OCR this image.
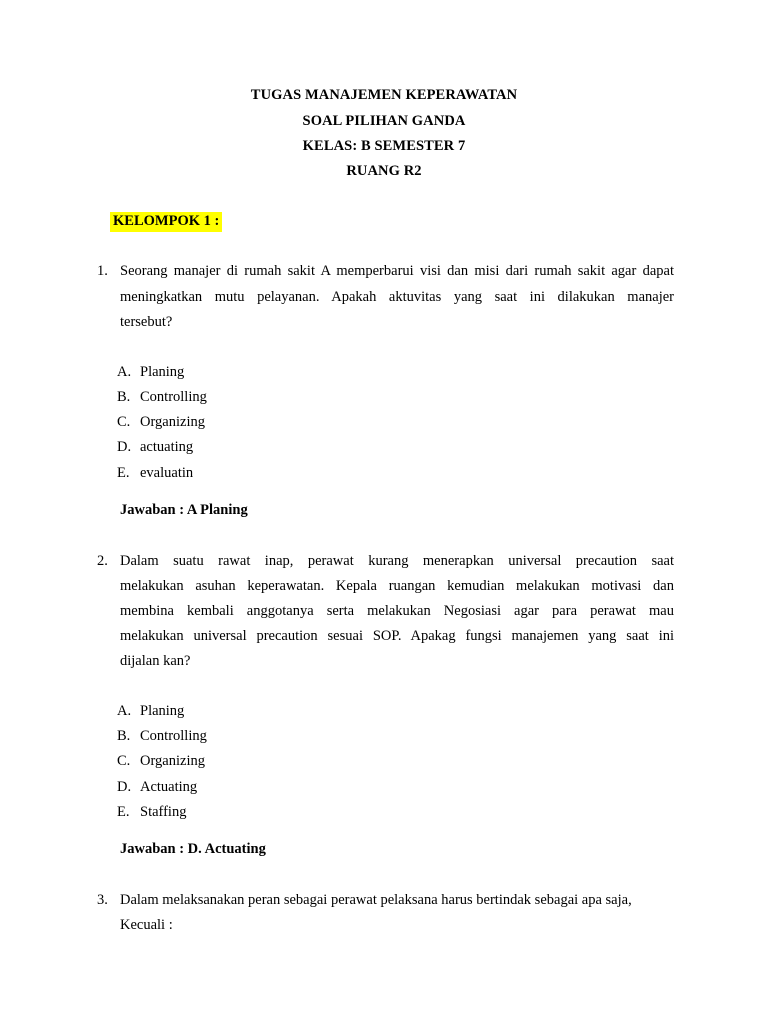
TUGAS MANAJEMEN KEPERAWATAN
SOAL PILIHAN GANDA
KELAS: B SEMESTER 7
RUANG R2
KELOMPOK 1 :
1. Seorang manajer di rumah sakit A memperbarui visi dan misi dari rumah sakit agar dapat
meningkatkan mutu pelayanan. Apakah aktuvitas yang saat ini dilakukan manajer
tersebut?
A. Planing
B. Controlling
C. Organizing
D. actuating
E. evaluatin
Jawaban : A Planing
2. Dalam suatu rawat inap, perawat kurang menerapkan universal precaution saat
melakukan asuhan keperawatan. Kepala ruangan kemudian melakukan motivasi dan
membina kembali anggotanya serta melakukan Negosiasi agar para perawat mau
melakukan universal precaution sesuai SOP. Apakag fungsi manajemen yang saat ini
dijalan kan?
A. Planing
B. Controlling
C. Organizing
D. Actuating
E. Staffing
Jawaban : D. Actuating
3. Dalam melaksanakan peran sebagai perawat pelaksana harus bertindak sebagai apa saja,
Kecuali :
